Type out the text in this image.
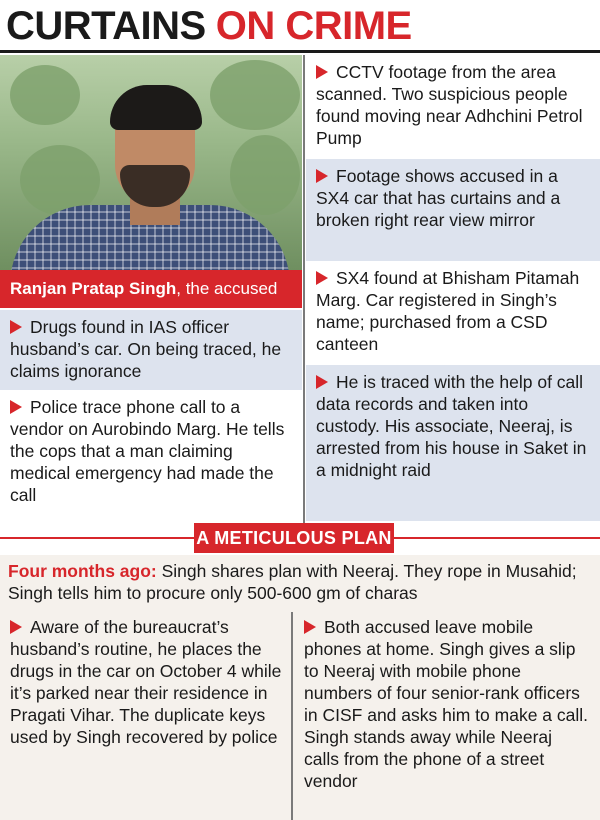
CURTAINS ON CRIME
Ranjan Pratap Singh, the accused
Drugs found in IAS officer husband’s car. On being traced, he claims ignorance
Police trace phone call to a vendor on Aurobindo Marg. He tells the cops that a man claiming medical emergency had made the call
CCTV footage from the area scanned. Two suspicious people found moving near Adhchini Petrol Pump
Footage shows accused in a SX4 car that has curtains and a broken right rear view mirror
SX4 found at Bhisham Pitamah Marg. Car registered in Singh’s name; purchased from a CSD canteen
He is traced with the help of call data records and taken into custody. His associate, Neeraj, is arrested from his house in Saket in a midnight raid
A METICULOUS PLAN
Four months ago: Singh shares plan with Neeraj. They rope in Musahid; Singh tells him to procure only 500-600 gm of charas
Aware of the bureaucrat’s husband’s routine, he places the drugs in the car on October 4 while it’s parked near their residence in Pragati Vihar. The duplicate keys used by Singh recovered by police
Both accused leave mobile phones at home. Singh gives a slip to Neeraj with mobile phone numbers of four senior-rank officers in CISF and asks him to make a call. Singh stands away while Neeraj calls from the phone of a street vendor
